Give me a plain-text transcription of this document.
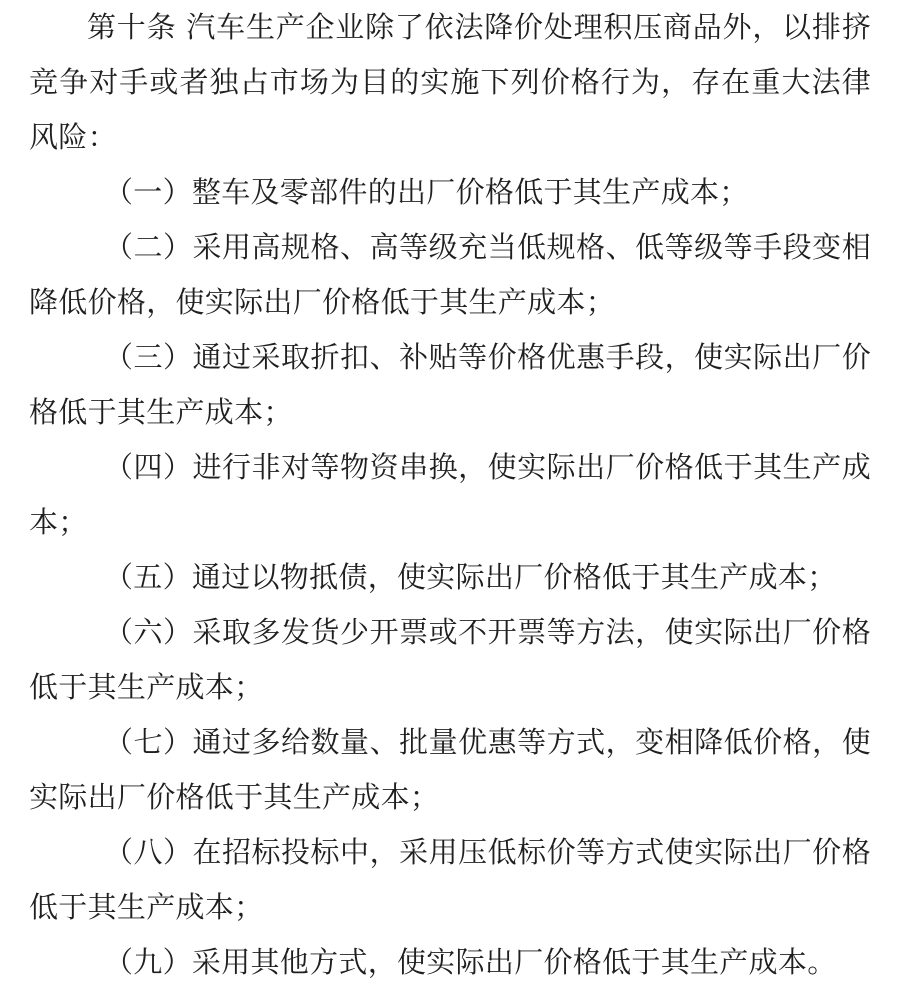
第十条 汽车生产企业除了依法降价处理积压商品外，以排挤竞争对手或者独占市场为目的实施下列价格行为，存在重大法律风险：

（一）整车及零部件的出厂价格低于其生产成本；

（二）采用高规格、高等级充当低规格、低等级等手段变相降低价格，使实际出厂价格低于其生产成本；

（三）通过采取折扣、补贴等价格优惠手段，使实际出厂价格低于其生产成本；

（四）进行非对等物资串换，使实际出厂价格低于其生产成本；

（五）通过以物抵债，使实际出厂价格低于其生产成本；

（六）采取多发货少开票或不开票等方法，使实际出厂价格低于其生产成本；

（七）通过多给数量、批量优惠等方式，变相降低价格，使实际出厂价格低于其生产成本；

（八）在招标投标中，采用压低标价等方式使实际出厂价格低于其生产成本；

（九）采用其他方式，使实际出厂价格低于其生产成本。
